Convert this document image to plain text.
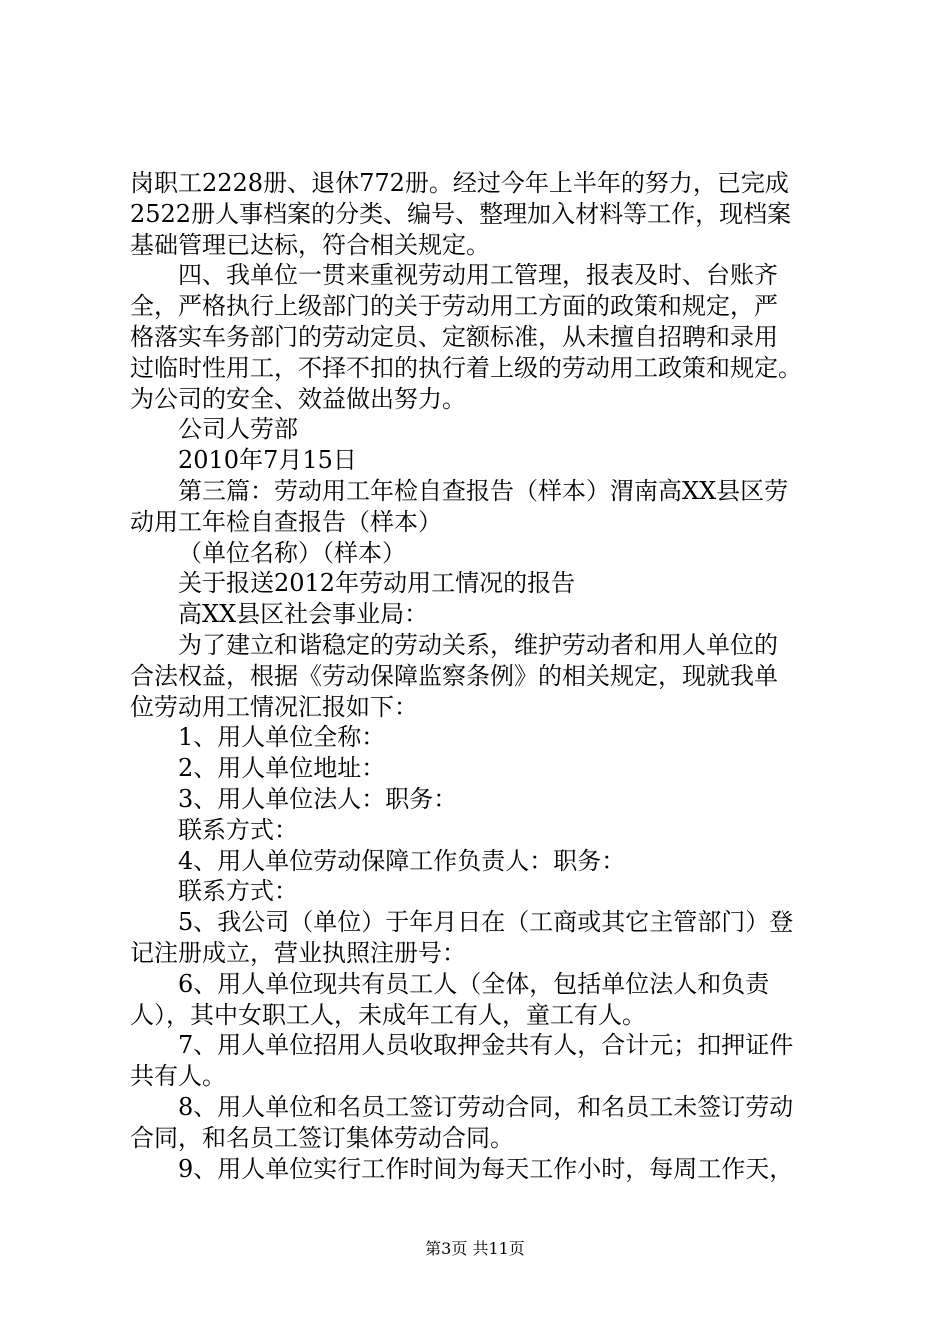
岗职工2228册、退休772册。经过今年上半年的努力，已完成
2522册人事档案的分类、编号、整理加入材料等工作，现档案
基础管理已达标，符合相关规定。
四、我单位一贯来重视劳动用工管理，报表及时、台账齐
全，严格执行上级部门的关于劳动用工方面的政策和规定，严
格落实车务部门的劳动定员、定额标准，从未擅自招聘和录用
过临时性用工，不择不扣的执行着上级的劳动用工政策和规定。
为公司的安全、效益做出努力。
公司人劳部
2010年7月15日
第三篇：劳动用工年检自查报告（样本）渭南高XX县区劳
动用工年检自查报告（样本）
（单位名称）（样本）
关于报送2012年劳动用工情况的报告
高XX县区社会事业局：
为了建立和谐稳定的劳动关系，维护劳动者和用人单位的
合法权益，根据《劳动保障监察条例》的相关规定，现就我单
位劳动用工情况汇报如下：
1、用人单位全称：
2、用人单位地址：
3、用人单位法人：职务：
联系方式：
4、用人单位劳动保障工作负责人：职务：
联系方式：
5、我公司（单位）于年月日在（工商或其它主管部门）登
记注册成立，营业执照注册号：
6、用人单位现共有员工人（全体，包括单位法人和负责
人），其中女职工人，未成年工有人，童工有人。
7、用人单位招用人员收取押金共有人，合计元；扣押证件
共有人。
8、用人单位和名员工签订劳动合同，和名员工未签订劳动
合同，和名员工签订集体劳动合同。
9、用人单位实行工作时间为每天工作小时，每周工作天，
第3页 共11页
